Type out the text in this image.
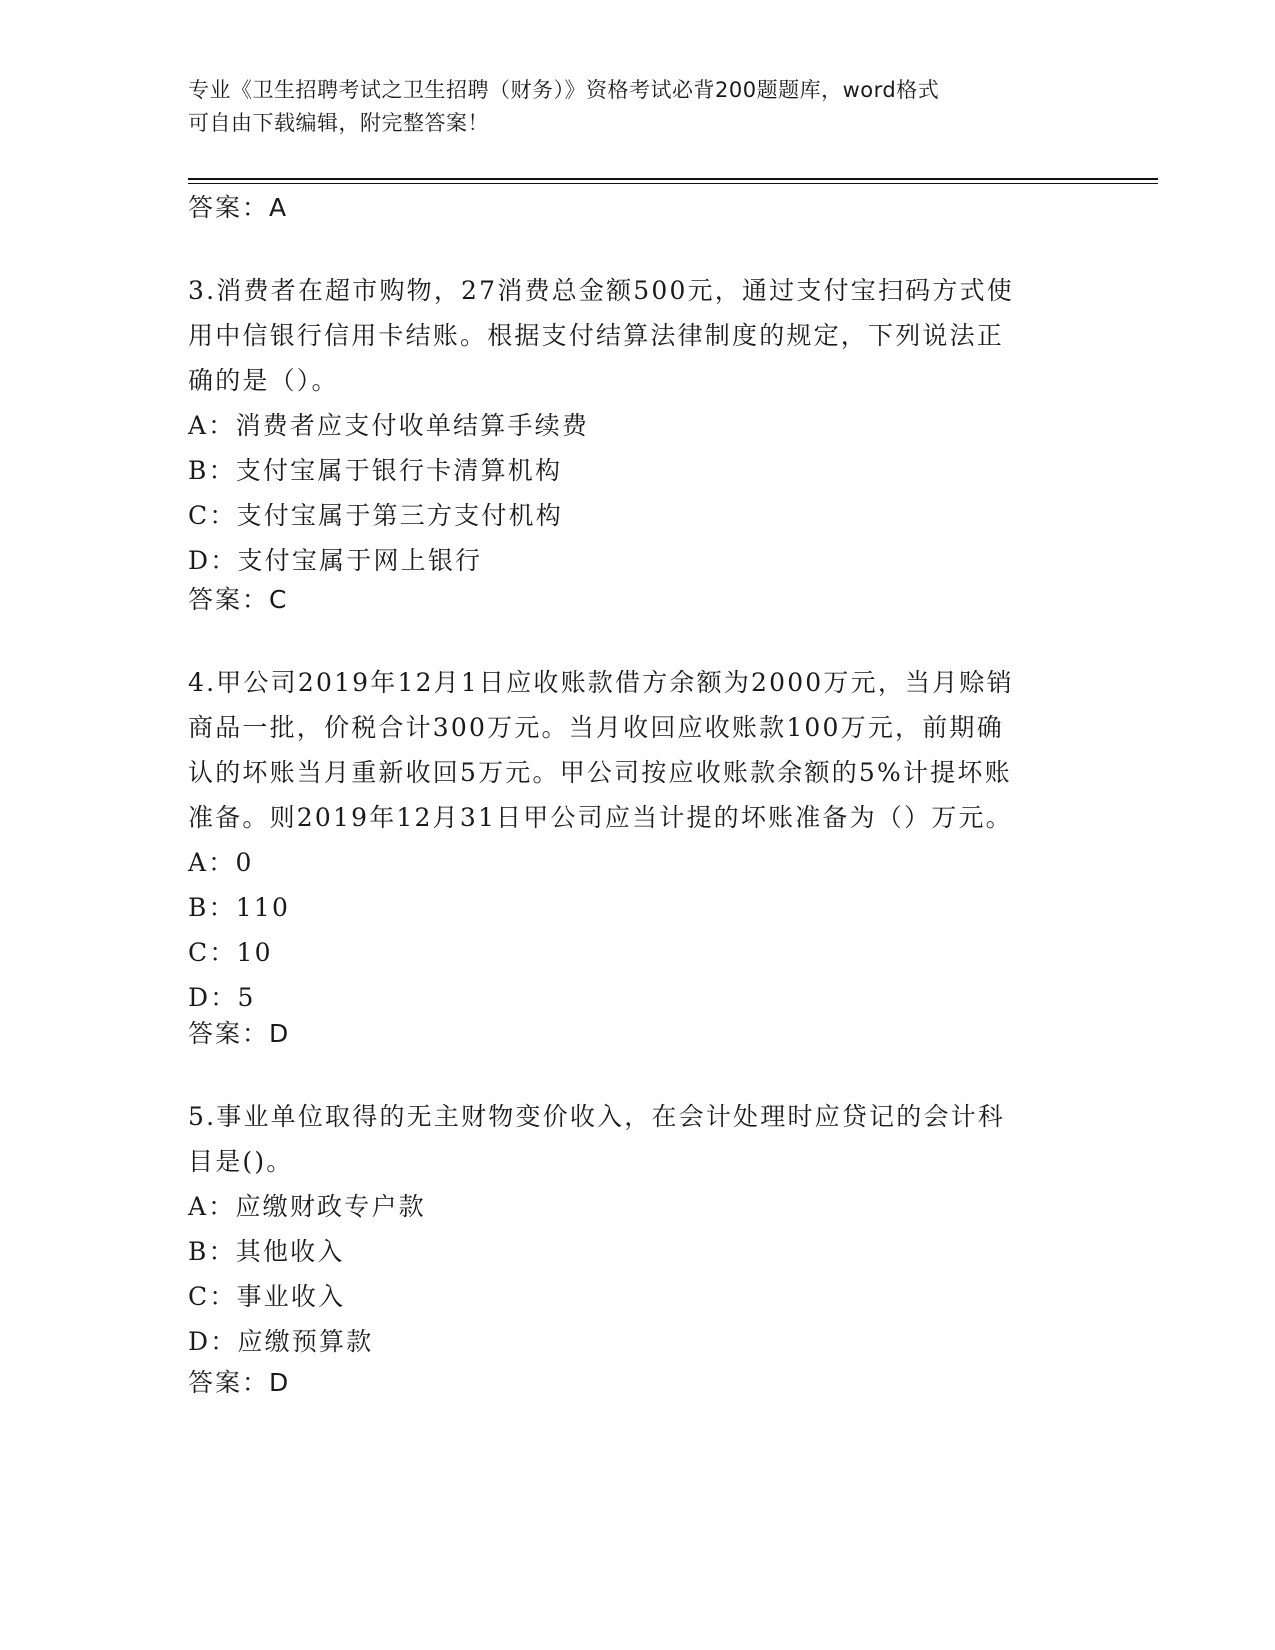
专业《卫生招聘考试之卫生招聘（财务）》资格考试必背200题题库，word格式
可自由下载编辑，附完整答案！

答案：A

3.消费者在超市购物，27消费总金额500元，通过支付宝扫码方式使

用中信银行信用卡结账。根据支付结算法律制度的规定，下列说法正

确的是（）。

A：消费者应支付收单结算手续费

B：支付宝属于银行卡清算机构

C：支付宝属于第三方支付机构

D：支付宝属于网上银行

答案：C

4.甲公司2019年12月1日应收账款借方余额为2000万元，当月赊销

商品一批，价税合计300万元。当月收回应收账款100万元，前期确

认的坏账当月重新收回5万元。甲公司按应收账款余额的5%计提坏账

准备。则2019年12月31日甲公司应当计提的坏账准备为（）万元。

A：0

B：110

C：10

D：5

答案：D

5.事业单位取得的无主财物变价收入，在会计处理时应贷记的会计科

目是()。

A：应缴财政专户款

B：其他收入

C：事业收入

D：应缴预算款

答案：D
